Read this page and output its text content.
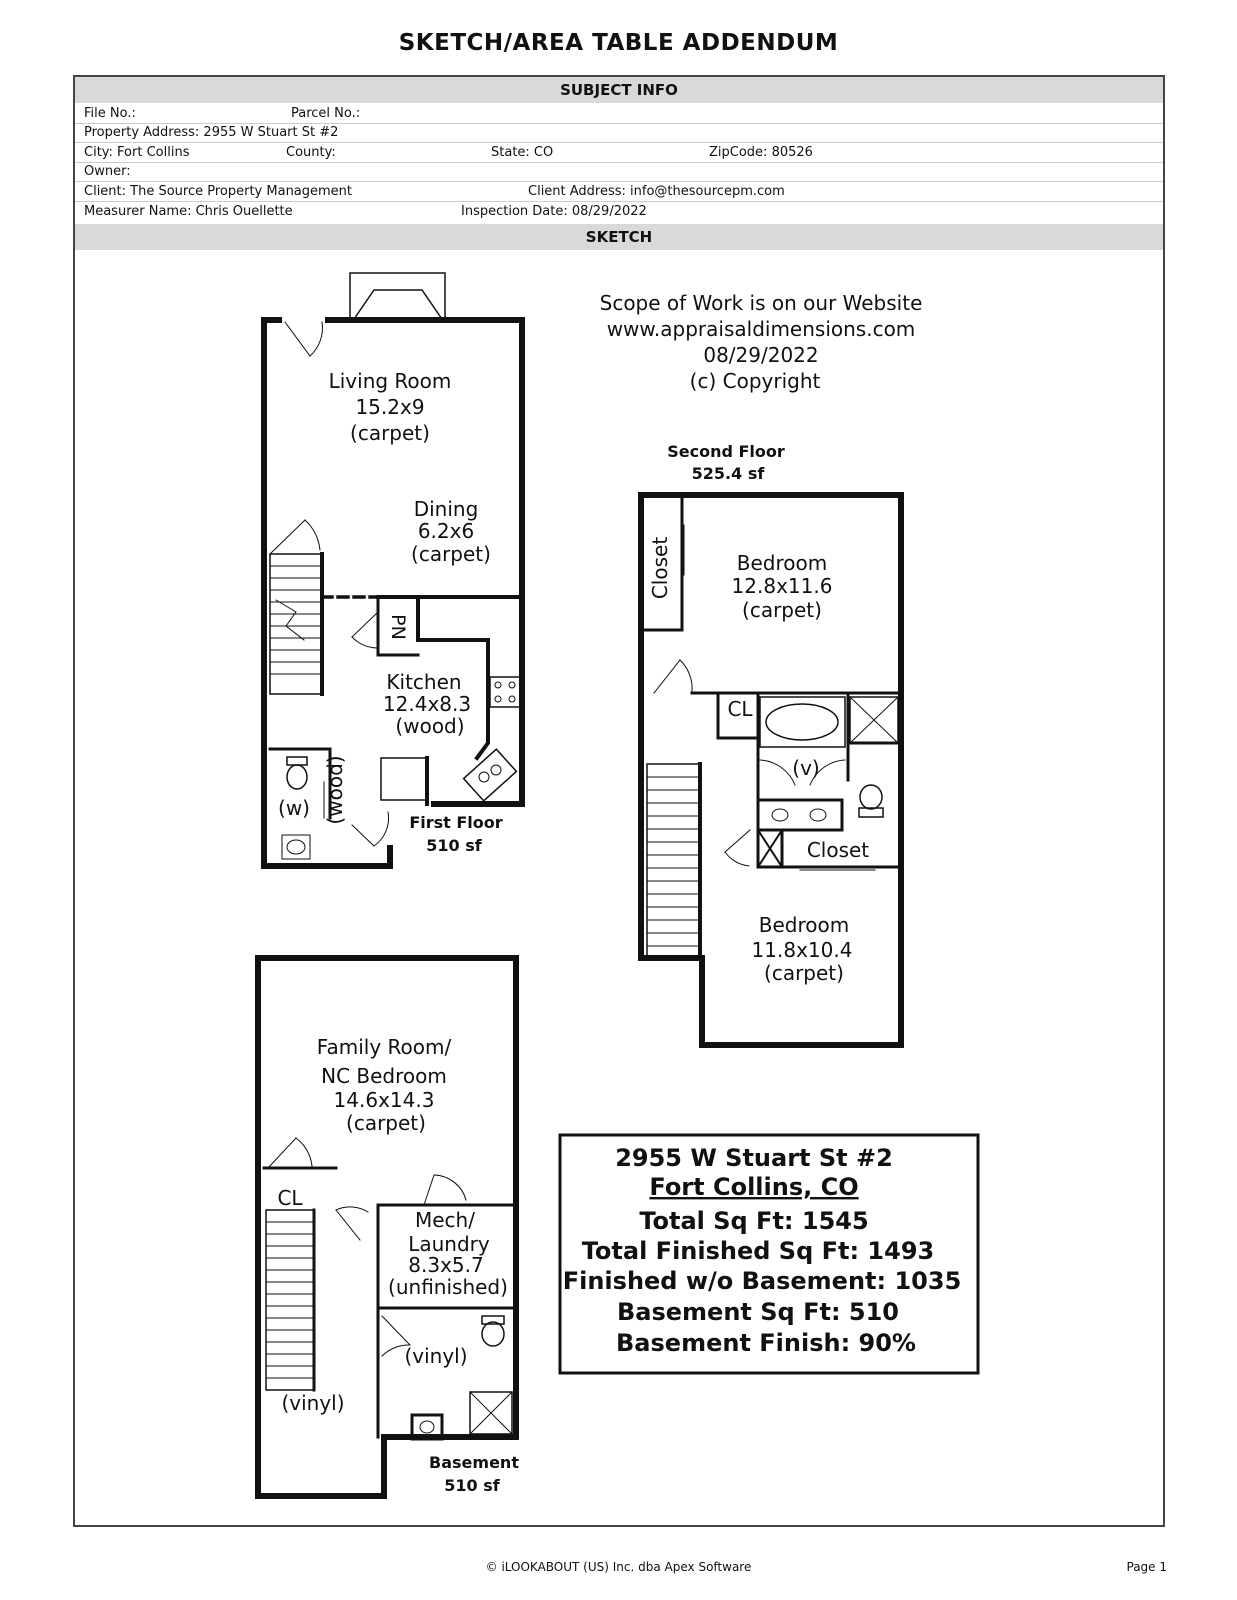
SKETCH/AREA TABLE ADDENDUM
SUBJECT INFO
File No.:	Parcel No.:
Property Address: 2955 W Stuart St #2
City: Fort Collins	County:	State: CO	ZipCode: 80526
Owner:
Client: The Source Property Management	Client Address: info@thesourcepm.com
Measurer Name: Chris Ouellette	Inspection Date: 08/29/2022
SKETCH
Scope of Work is on our Website
www.appraisaldimensions.com
08/29/2022
(c) Copyright
Living Room
15.2x9
(carpet)
Dining
6.2x6
(carpet)
Kitchen
12.4x8.3
(wood)
PN
(w) (wood)	First Floor
510 sf
Second Floor
525.4 sf
Closet	Bedroom
12.8x11.6
(carpet)
CL
(v)
Closet
Bedroom
11.8x10.4
(carpet)
Family Room/
NC Bedroom
14.6x14.3
(carpet)
CL
Mech/
Laundry
8.3x5.7
(unfinished)
(vinyl)
(vinyl)
Basement
510 sf
2955 W Stuart St #2
Fort Collins, CO
Total Sq Ft: 1545
Total Finished Sq Ft: 1493
Finished w/o Basement: 1035
Basement Sq Ft: 510
Basement Finish: 90%
© iLOOKABOUT (US) Inc. dba Apex Software	Page 1
